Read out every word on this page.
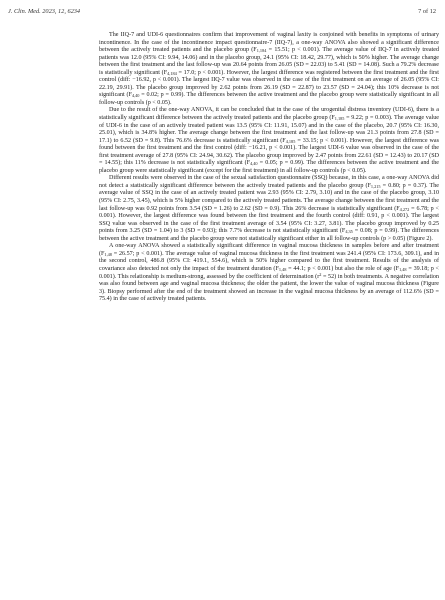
J. Clin. Med. 2023, 12, 6234	7 of 12

The IIQ-7 and UDI-6 questionnaires confirm that improvement of vaginal laxity is conjoined with benefits in symptoms of urinary incontinence. In the case of the incontinence impact questionnaire-7 (IIQ-7), a one-way ANOVA also showed a significant difference between the actively treated patients and the placebo group ($F_{1,184} = 15.51$; p < 0.001). The average value of IIQ-7 in actively treated patients was 12.0 (95% CI: 9.94, 14.06) and in the placebo group, 24.1 (95% CI: 18.42, 29.77), which is 50% higher. The average change between the first treatment and the last follow-up was 20.64 points from 26.05 (SD = 22.03) to 5.41 (SD = 14.08). Such a 79.2% decrease is statistically significant ($F_{4,184} = 17.0$; p < 0.001). However, the largest difference was registered between the first treatment and the first control (diff: −16.92, p < 0.001). The largest IIQ-7 value was observed in the case of the first treatment on an average of 26.05 (95% CI: 22.19, 29.91). The placebo group improved by 2.62 points from 26.19 (SD = 22.87) to 23.57 (SD = 24.04); this 10% decrease is not significant ($F_{4,40} = 0.02$; p = 0.99). The differences between the active treatment and the placebo group were statistically significant in all follow-up controls (p < 0.05).

Due to the result of the one-way ANOVA, it can be concluded that in the case of the urogenital distress inventory (UDI-6), there is a statistically significant difference between the actively treated patients and the placebo group ($F_{1,185} = 9.22$; p = 0.003). The average value of UDI-6 in the case of an actively treated patient was 13.5 (95% CI: 11.91, 15.07) and in the case of the placebo, 20.7 (95% CI: 16.30, 25.01), which is 34.8% higher. The average change between the first treatment and the last follow-up was 21.3 points from 27.8 (SD = 17.1) to 6.52 (SD = 9.8). This 76.6% decrease is statistically significant ($F_{4,185} = 33.15$; p < 0.001). However, the largest difference was found between the first treatment and the first control (diff: −16.21, p < 0.001). The largest UDI-6 value was observed in the case of the first treatment average of 27.8 (95% CI: 24.94, 30.62). The placebo group improved by 2.47 points from 22.61 (SD = 12.43) to 20.17 (SD = 14.55); this 11% decrease is not statistically significant ($F_{4,40} = 0.05$; p = 0.99). The differences between the active treatment and the placebo group were statistically significant (except for the first treatment) in all follow-up controls (p < 0.05).

Different results were observed in the case of the sexual satisfaction questionnaire (SSQ) because, in this case, a one-way ANOVA did not detect a statistically significant difference between the actively treated patients and the placebo group ($F_{1,215} = 0.80$; p = 0.37). The average value of SSQ in the case of an actively treated patient was 2.93 (95% CI: 2.79, 3.10) and in the case of the placebo group, 3.10 (95% CI: 2.75, 3.45), which is 5% higher compared to the actively treated patients. The average change between the first treatment and the last follow-up was 0.92 points from 3.54 (SD = 1.26) to 2.62 (SD = 0.9). This 26% decrease is statistically significant ($F_{4,272} = 6.78$; p < 0.001). However, the largest difference was found between the first treatment and the fourth control (diff: 0.91, p < 0.001). The largest SSQ value was observed in the case of the first treatment average of 3.54 (95% CI: 3.27, 3.81). The placebo group improved by 0.25 points from 3.25 (SD = 1.04) to 3 (SD = 0.93); this 7.7% decrease is not statistically significant ($F_{4,35} = 0.08$; p = 0.99). The differences between the active treatment and the placebo group were not statistically significant either in all follow-up controls (p > 0.05) (Figure 2).

A one-way ANOVA showed a statistically significant difference in vaginal mucosa thickness in samples before and after treatment ($F_{1,48} = 26.57$; p < 0.001). The average value of vaginal mucosa thickness in the first treatment was 241.4 (95% CI: 173.6, 309.1), and in the second control, 486.8 (95% CI: 419.1, 554.6), which is 50% higher compared to the first treatment. Results of the analysis of covariance also detected not only the impact of the treatment duration ($F_{1,48} = 44.1$; p < 0.001) but also the role of age ($F_{1,48} = 39.18$; p < 0.001). This relationship is medium-strong, assessed by the coefficient of determination $(r^2 = 52)$ in both treatments. A negative correlation was also found between age and vaginal mucosa thickness; the older the patient, the lower the value of vaginal mucosa thickness (Figure 3). Biopsy performed after the end of the treatment showed an increase in the vaginal mucosa thickness by an average of 112.6% (SD = 75.4) in the case of actively treated patients.
